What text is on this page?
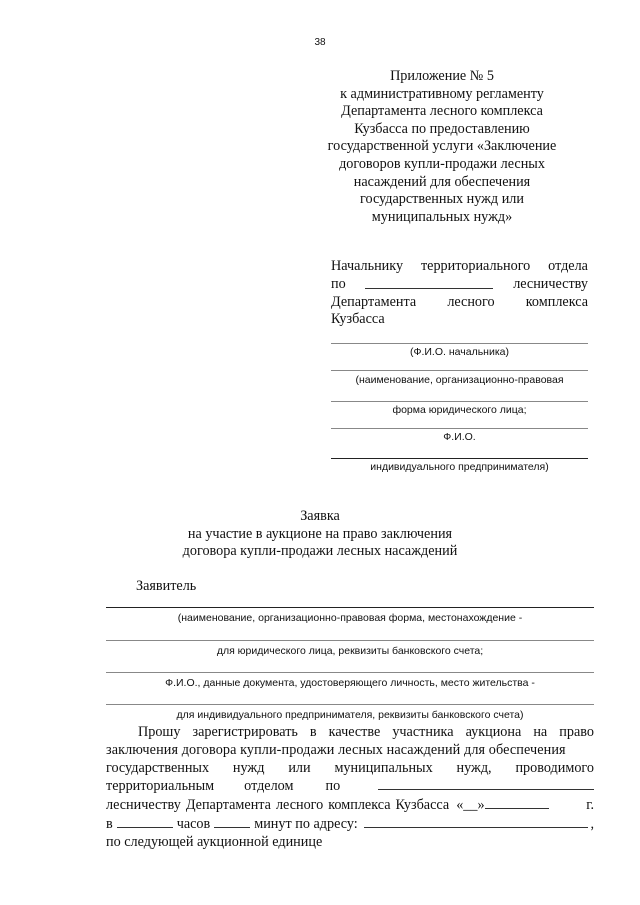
38
Приложение № 5
к административному регламенту
Департамента лесного комплекса
Кузбасса по предоставлению
государственной услуги «Заключение
договоров купли-продажи лесных
насаждений для обеспечения
государственных нужд или
муниципальных нужд»
Начальнику территориального отдела
по	лесничеству
Департамента лесного комплекса
Кузбасса
(Ф.И.О. начальника)
(наименование, организационно-правовая
форма юридического лица;
Ф.И.О.
индивидуального предпринимателя)
Заявка
на участие в аукционе на право заключения
договора купли-продажи лесных насаждений
Заявитель
(наименование, организационно-правовая форма, местонахождение -
для юридического лица, реквизиты банковского счета;
Ф.И.О., данные документа, удостоверяющего личность, место жительства -
для индивидуального предпринимателя, реквизиты банковского счета)
Прошу зарегистрировать в качестве участника аукциона на право
заключения договора купли-продажи лесных насаждений для обеспечения
государственных нужд или муниципальных нужд, проводимого
территориальным отделом по
лесничеству Департамента лесного комплекса Кузбасса «__»	г.
в	часов	минут по адресу:	,
по следующей аукционной единице
